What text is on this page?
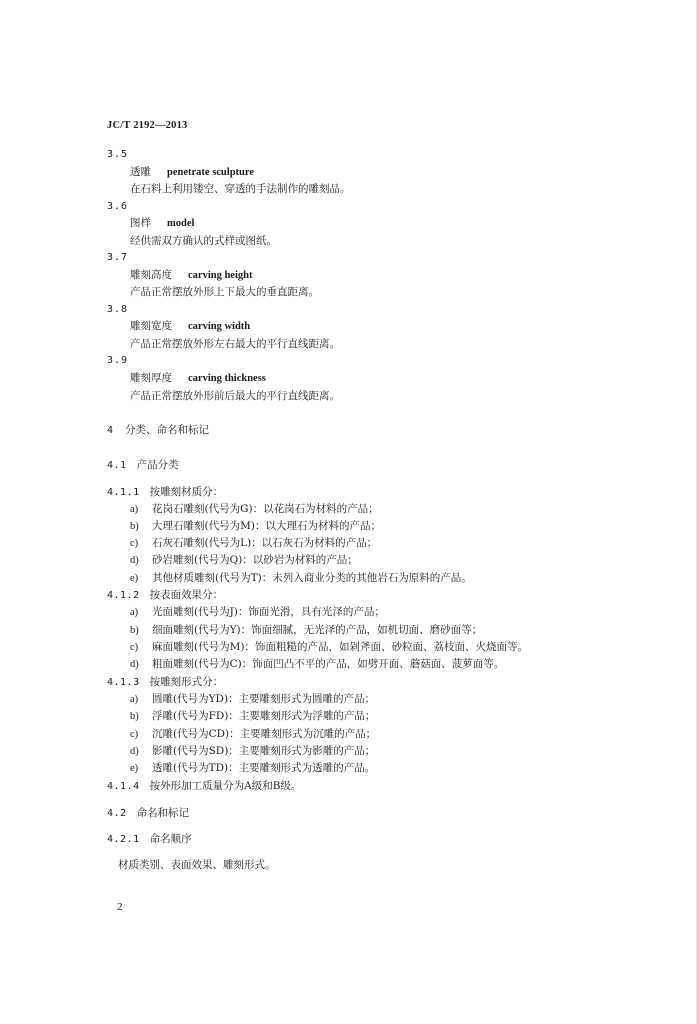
JC/T 2192—2013
3.5
透雕 penetrate sculpture
在石料上利用镂空、穿透的手法制作的雕刻品。
3.6
图样 model
经供需双方确认的式样或图纸。
3.7
雕刻高度 carving height
产品正常摆放外形上下最大的垂直距离。
3.8
雕刻宽度 carving width
产品正常摆放外形左右最大的平行直线距离。
3.9
雕刻厚度 carving thickness
产品正常摆放外形前后最大的平行直线距离。
4 分类、命名和标记
4.1 产品分类
4.1.1 按雕刻材质分：
a) 花岗石雕刻(代号为G)：以花岗石为材料的产品；
b) 大理石雕刻(代号为M)：以大理石为材料的产品；
c) 石灰石雕刻(代号为L)：以石灰石为材料的产品；
d) 砂岩雕刻(代号为Q)：以砂岩为材料的产品；
e) 其他材质雕刻(代号为T)：未列入商业分类的其他岩石为原料的产品。
4.1.2 按表面效果分：
a) 光面雕刻(代号为J)：饰面光滑，具有光泽的产品；
b) 细面雕刻(代号为Y)：饰面细腻，无光泽的产品，如机切面、磨砂面等；
c) 麻面雕刻(代号为M)：饰面粗糙的产品，如剁斧面、砂粒面、荔枝面、火烧面等。
d) 粗面雕刻(代号为C)：饰面凹凸不平的产品，如劈开面、蘑菇面、菠萝面等。
4.1.3 按雕刻形式分：
a) 圆雕(代号为YD)：主要雕刻形式为圆雕的产品；
b) 浮雕(代号为FD)：主要雕刻形式为浮雕的产品；
c) 沉雕(代号为CD)：主要雕刻形式为沉雕的产品；
d) 影雕(代号为SD)：主要雕刻形式为影雕的产品；
e) 透雕(代号为TD)：主要雕刻形式为透雕的产品。
4.1.4 按外形加工质量分为A级和B级。
4.2 命名和标记
4.2.1 命名顺序
材质类别、表面效果、雕刻形式。
2
